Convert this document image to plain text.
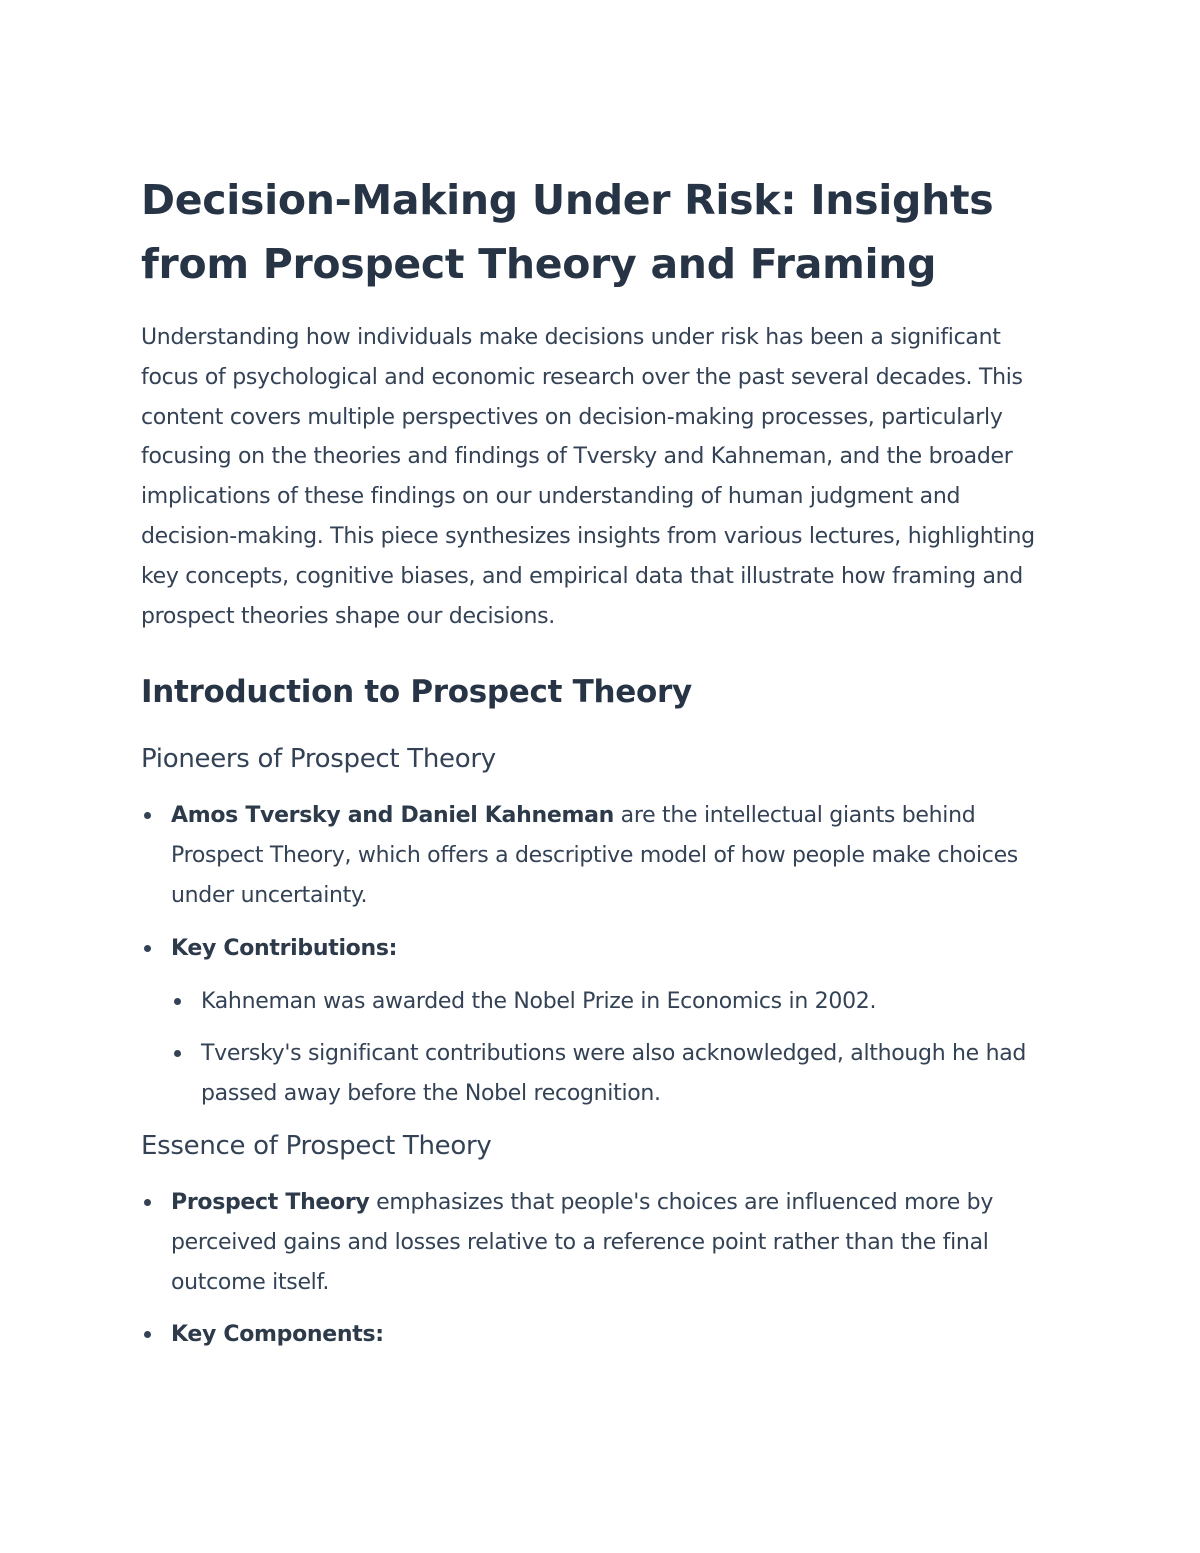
Decision-Making Under Risk: Insights from Prospect Theory and Framing

Understanding how individuals make decisions under risk has been a significant focus of psychological and economic research over the past several decades. This content covers multiple perspectives on decision-making processes, particularly focusing on the theories and findings of Tversky and Kahneman, and the broader implications of these findings on our understanding of human judgment and decision-making. This piece synthesizes insights from various lectures, highlighting key concepts, cognitive biases, and empirical data that illustrate how framing and prospect theories shape our decisions.

Introduction to Prospect Theory
Pioneers of Prospect Theory
Amos Tversky and Daniel Kahneman are the intellectual giants behind Prospect Theory, which offers a descriptive model of how people make choices under uncertainty.
Key Contributions:
Kahneman was awarded the Nobel Prize in Economics in 2002.
Tversky's significant contributions were also acknowledged, although he had passed away before the Nobel recognition.
Essence of Prospect Theory
Prospect Theory emphasizes that people's choices are influenced more by perceived gains and losses relative to a reference point rather than the final outcome itself.
Key Components:
